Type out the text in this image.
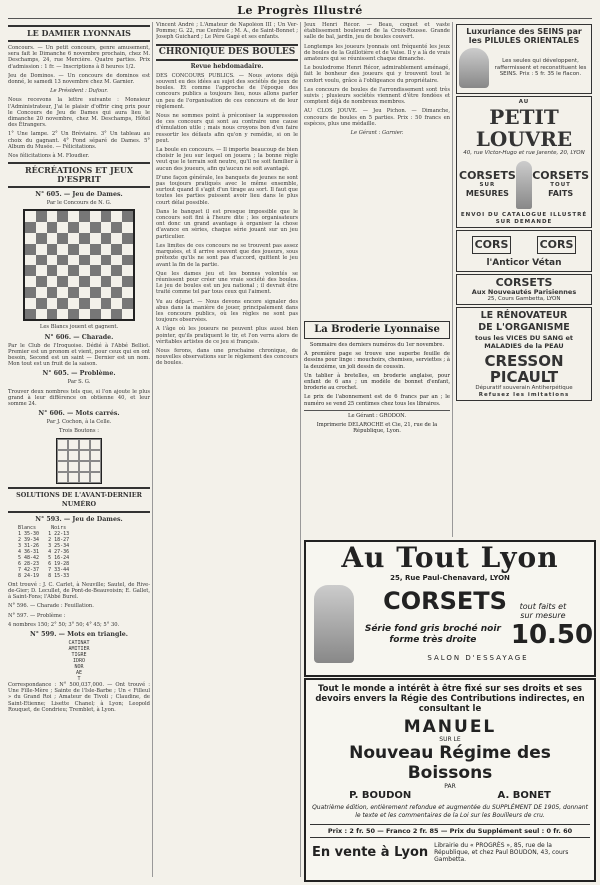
Le Progrès Illustré
LE DAMIER LYONNAIS

Concours. — Un petit concours, genre amusement, sera fait le Dimanche 6 novembre prochain, chez M. Deschamps, 24, rue Mercière. Quatre parties. Prix d'admission : 1 fr. — Inscriptions à 8 heures 1/2.

Jeu de Dominos. — Un concours de dominos est donné, le samedi 13 novembre chez M. Garnier.

Le Président : Dufour.

Nous recevons la lettre suivante : Monsieur l'Administrateur, J'ai le plaisir d'offrir cinq prix pour le Concours de Jeu de Dames qui aura lieu le dimanche 20 novembre, chez M. Deschamps, Hôtel des Étrangers.

1° Une lampe. 2° Un Bréviaire. 3° Un tableau au choix du gagnant. 4° Fond séparé de Dames. 5° Album du Musée. — Félicitations.

Nos félicitations à M. Floudier.

RÉCRÉATIONS ET JEUX D'ESPRIT
N° 605. — Jeu de Dames.

Par le Concours de N. G.

Les Blancs jouent et gagnent.

N° 606. — Charade.

Par le Club de l'Iroquoise. Dédié à l'Abbé Belliot. Premier est un pronom et vient, pour ceux qui en ont besoin, Second est un saint — Dernier est un nom. Mon tout est un fruit de la saison.

N° 605. — Problème.

Par S. G.

Trouver deux nombres tels que, si l'on ajoute le plus grand à leur différence on obtienne 40, et leur somme 24.

N° 606. — Mots carrés.

Par J. Cochon, à la Celle.

Trois Boutons :

SOLUTIONS DE L'AVANT-DERNIER NUMÉRO
N° 593. — Jeu de Dames.
Blancs     Noirs
1 35-30   1 22-13
2 39-34   2 18-27
3 31-26   3 25-34
4 36-31   4 27-36
5 48-42   5 16-24
6 28-23   6 19-28
7 42-37   7 33-44
8 24-19   8 15-33

Ont trouvé : J. C. Carlet, à Neuville; Sautel, de Rive-de-Gier; D. Lecullet, de Pont-de-Beauvoisin; E. Gallet, à Saint-Fons; l'Abbé Burel.

N° 596. — Charade : Feuillation.

N° 597. — Problème :

4 nombres 150; 2° 50; 3° 50; 4° 45; 5° 30.

N° 599. — Mots en triangle.
CATINAT
AMITIER
TIGRE
IDRO
NOR
AE
T

Correspondance : N° 500,037,000. — Ont trouvé : Une Fille-Mère ; Sainte de l'Isle-Barbe ; Un « Filleul » du Grand Roi ; Amateur de Tivoli ; Claudine, de Saint-Etienne; Lisette Chanel; à Lyon; Leopold Rouquet, de Condrieu; Tremblet, à Lyon.

Vincent André ; L'Amateur de Napoléon III ; Un Ver-Pomme; G. 22, rue Centrale ; M. A., de Saint-Bonnet ; Joseph Guichard ; Le Père Gagé et ses enfants.

CHRONIQUE DES BOULES

Revue hebdomadaire.

DES CONCOURS PUBLICS. — Nous avions déjà souvent eu des idées au sujet des sociétés de jeux de boules. Et comme l'approche de l'époque des concours publics a toujours lieu, nous allons parler un peu de l'organisation de ces concours et de leur règlement.

Nous ne sommes point à préconiser la suppression de ces concours qui sont au contraire une cause d'émulation utile ; mais nous croyons bon d'en faire ressortir les défauts afin qu'on y remédie, si on le peut.

La boule en concours. — Il importe beaucoup de bien choisir le jeu sur lequel on jouera ; la bonne règle veut que le terrain soit neutre, qu'il ne soit familier à aucun des joueurs, afin qu'aucun ne soit avantagé.

D'une façon générale, les banquets de jeunes ne sont pas toujours pratiqués avec le même ensemble, surtout quand il s'agit d'un tirage au sort. Il faut que toutes les parties puissent avoir lieu dans le plus court délai possible.

Dans le banquet il est presque impossible que le concours soit fini à l'heure dite ; les organisateurs ont donc un grand avantage à organiser la chose d'avance en séries, chaque série jouant sur un jeu particulier.

Les limites de ces concours ne se trouvent pas assez marquées, et il arrive souvent que des joueurs, sous prétexte qu'ils ne sont pas d'accord, quittent le jeu avant la fin de la partie.

Que les dames jeu et les bonnes volontés se réunissent pour créer une vraie société des boules. Le jeu de boules est un jeu national ; il devrait être traité comme tel par tous ceux qui l'aiment.

Vu au départ. — Nous devons encore signaler des abus dans la manière de jouer, principalement dans les concours publics, où les règles ne sont pas toujours observées.

A l'âge où les joueurs ne peuvent plus aussi bien pointer, qu'ils pratiquent le tir, et l'on verra alors de véritables artistes de ce jeu si français.

Nous ferons, dans une prochaine chronique, de nouvelles observations sur le règlement des concours de boules.

Jeux Henri Récor. — Beau, coquet et vaste établissement boulevard de la Croix-Rousse. Grande salle de bal, jardin, jeu de boules couvert.

Longtemps les joueurs lyonnais ont fréquenté les jeux de boules de la Guillotière et de Vaise. Il y a là de vrais amateurs qui se réunissent chaque dimanche.

Le boulodrome Henri Récor, admirablement aménagé, fait le bonheur des joueurs qui y trouvent tout le confort voulu, grâce à l'obligeance du propriétaire.

Les concours de boules de l'arrondissement sont très suivis ; plusieurs sociétés viennent d'être fondées et comptent déjà de nombreux membres.

AU CLOS JOUVE. — Jeu Pichon. — Dimanche, concours de boules en 5 parties. Prix : 50 francs en espèces, plus une médaille.

Le Gérant : Garnier.

La Broderie Lyonnaise

Sommaire des derniers numéros du 1er novembre.

A première page se trouve une superbe feuille de dessins pour linge : mouchoirs, chemises, serviettes ; à la deuxième, un joli dessin de coussin.

Un tablier à bretelles, en broderie anglaise, pour enfant de 6 ans ; un modèle de bonnet d'enfant, broderie au crochet.

Le prix de l'abonnement est de 6 francs par an ; le numéro se vend 25 centimes chez tous les libraires.

Le Gérant : GRODON.

Imprimerie DELAROCHE et Cie, 21, rue de la République, Lyon.

Luxuriance des SEINS par les PILULES ORIENTALES
Les seules qui développent, raffermissent et reconstituent les SEINS. Prix : 5 fr. 35 le flacon.
AU
PETIT LOUVRE
40, rue Victor-Hugo et rue Jarente, 20, LYON
CORSETS
SUR
MESURES
CORSETS
TOUT
FAITS
ENVOI DU CATALOGUE ILLUSTRÉ SUR DEMANDE
CORS	CORS
l'Anticor Vétan
CORSETS
Aux Nouveautés Parisiennes
25, Cours Gambetta, LYON
LE RÉNOVATEUR
DE L'ORGANISME
tous les VICES DU SANG et MALADIES de la PEAU
CRESSON
PICAULT
Dépuratif souverain Antiherpétique
Refusez les imitations
Au Tout Lyon
25, Rue Paul-Chenavard, LYON
CORSETS	tout faits et sur mesure
Série fond gris broché noir forme très droite	10.50
SALON D'ESSAYAGE
Tout le monde a intérêt à être fixé sur ses droits et ses devoirs envers la Régie des Contributions indirectes, en consultant le
MANUEL
SUR LE
Nouveau Régime des Boissons
PAR
P. BOUDON	A. BONET
Quatrième édition, entièrement refondue et augmentée du SUPPLÉMENT DE 1905, donnant le texte et les commentaires de la Loi sur les Bouilleurs de cru.
Prix : 2 fr. 50 — Franco 2 fr. 85 — Prix du Supplément seul : 0 fr. 60
En vente à Lyon Librairie du « PROGRÈS », 85, rue de la République, et chez Paul BOUDON, 43, cours Gambetta.
